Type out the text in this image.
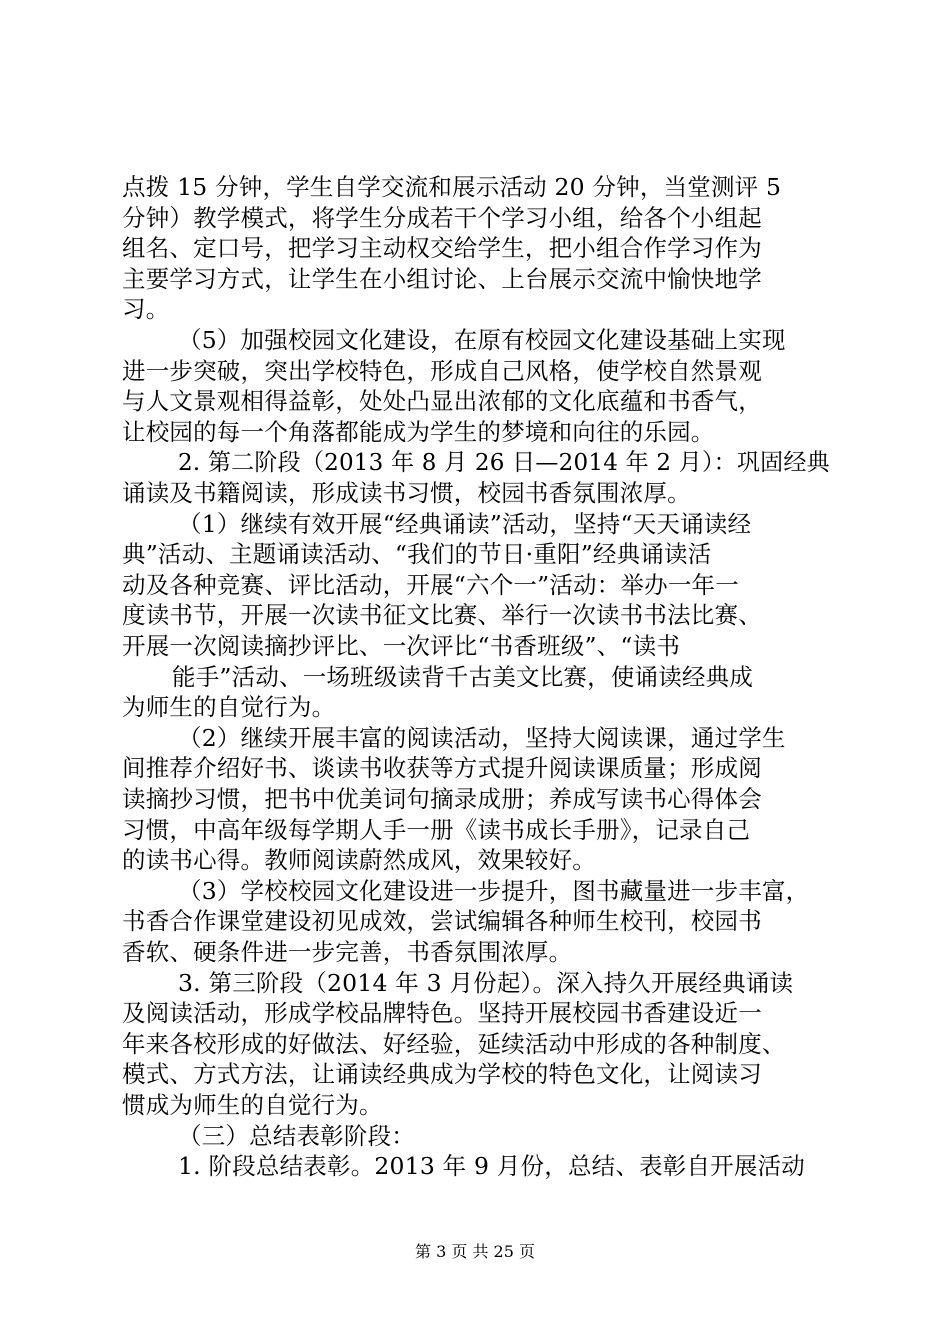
点拨 15 分钟，学生自学交流和展示活动 20 分钟，当堂测评 5
分钟）教学模式，将学生分成若干个学习小组，给各个小组起
组名、定口号，把学习主动权交给学生，把小组合作学习作为
主要学习方式，让学生在小组讨论、上台展示交流中愉快地学
习。
（5）加强校园文化建设，在原有校园文化建设基础上实现
进一步突破，突出学校特色，形成自己风格，使学校自然景观
与人文景观相得益彰，处处凸显出浓郁的文化底蕴和书香气，
让校园的每一个角落都能成为学生的梦境和向往的乐园。
2. 第二阶段（2013 年 8 月 26 日—2014 年 2 月）：巩固经典
诵读及书籍阅读，形成读书习惯，校园书香氛围浓厚。
（1）继续有效开展“经典诵读”活动，坚持“天天诵读经
典”活动、主题诵读活动、“我们的节日·重阳”经典诵读活
动及各种竞赛、评比活动，开展“六个一”活动：举办一年一
度读书节，开展一次读书征文比赛、举行一次读书书法比赛、
开展一次阅读摘抄评比、一次评比“书香班级”、“读书
能手”活动、一场班级读背千古美文比赛，使诵读经典成
为师生的自觉行为。
（2）继续开展丰富的阅读活动，坚持大阅读课，通过学生
间推荐介绍好书、谈读书收获等方式提升阅读课质量；形成阅
读摘抄习惯，把书中优美词句摘录成册；养成写读书心得体会
习惯，中高年级每学期人手一册《读书成长手册》，记录自己
的读书心得。教师阅读蔚然成风，效果较好。
（3）学校校园文化建设进一步提升，图书藏量进一步丰富，
书香合作课堂建设初见成效，尝试编辑各种师生校刊，校园书
香软、硬条件进一步完善，书香氛围浓厚。
3. 第三阶段（2014 年 3 月份起）。深入持久开展经典诵读
及阅读活动，形成学校品牌特色。坚持开展校园书香建设近一
年来各校形成的好做法、好经验，延续活动中形成的各种制度、
模式、方式方法，让诵读经典成为学校的特色文化，让阅读习
惯成为师生的自觉行为。
（三）总结表彰阶段：
1. 阶段总结表彰。2013 年 9 月份，总结、表彰自开展活动
第 3 页 共 25 页
